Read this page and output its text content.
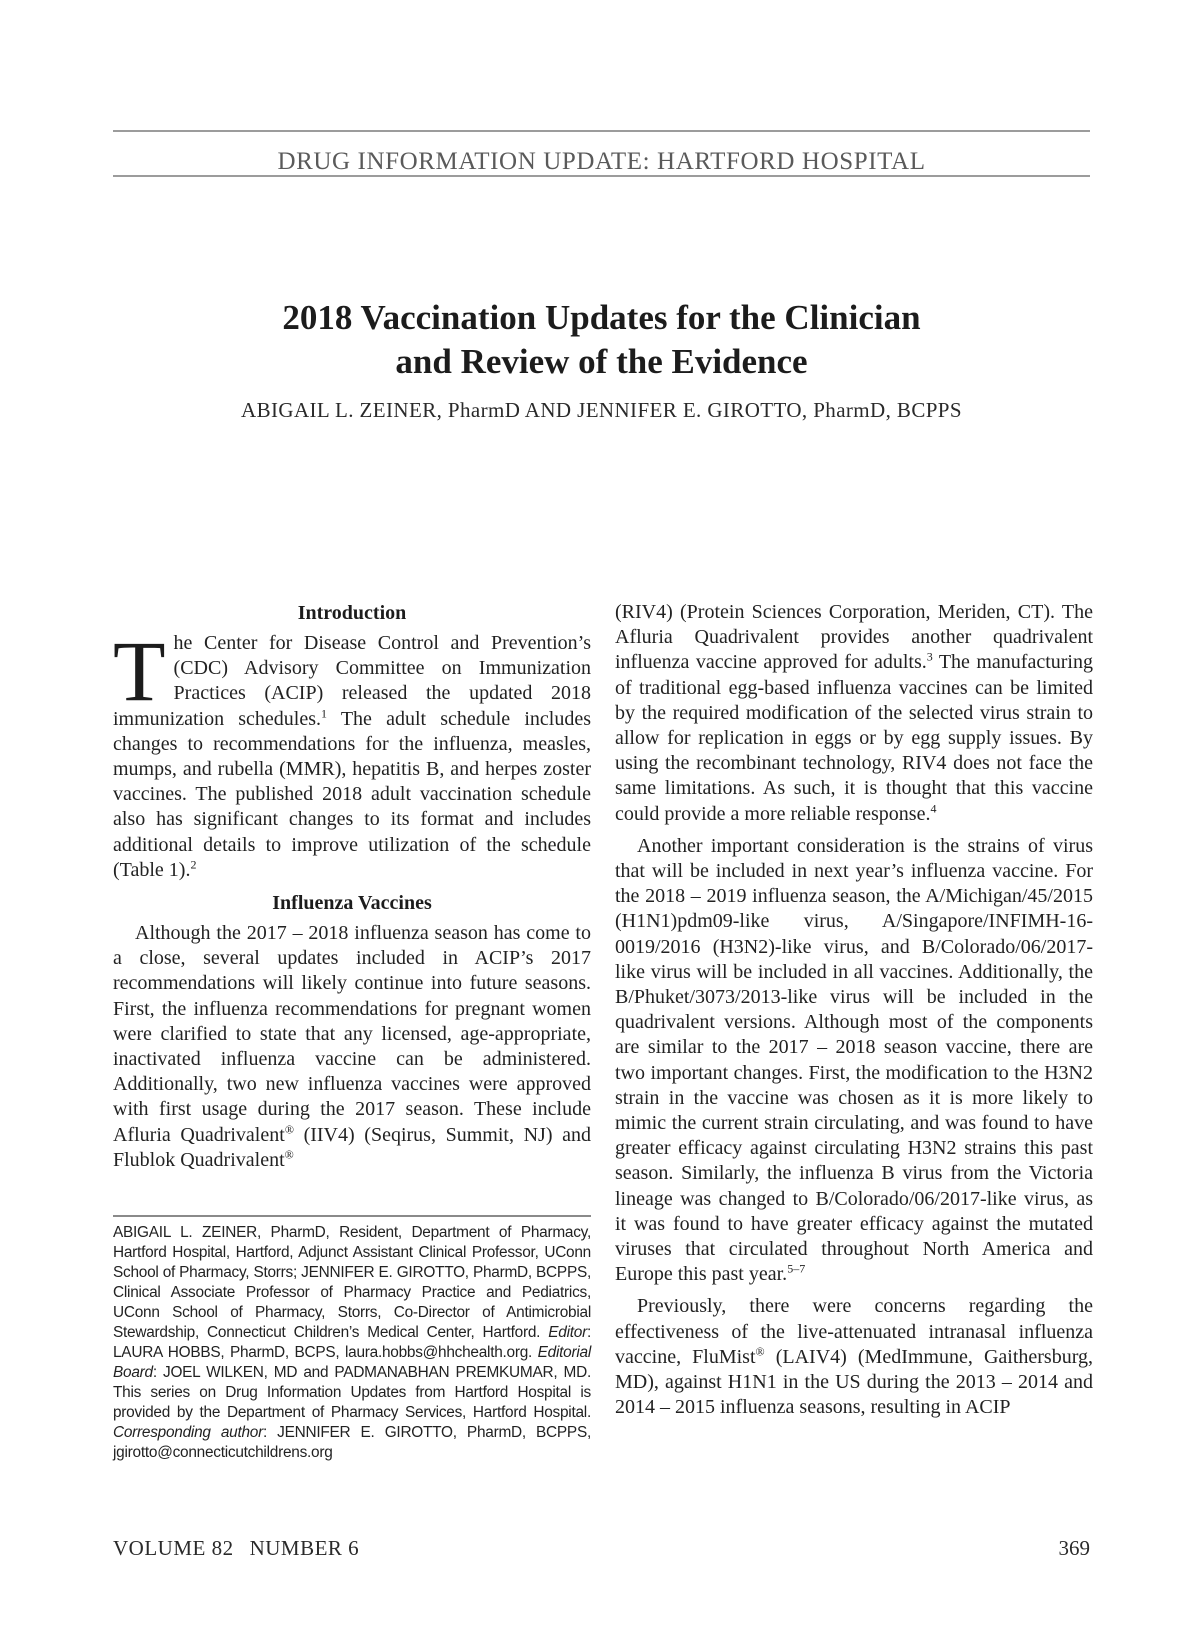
DRUG INFORMATION UPDATE: HARTFORD HOSPITAL
2018 Vaccination Updates for the Clinician
and Review of the Evidence
ABIGAIL L. ZEINER, PharmD AND JENNIFER E. GIROTTO, PharmD, BCPPS
Introduction

The Center for Disease Control and Prevention’s (CDC) Advisory Committee on Immunization Practices (ACIP) released the updated 2018 immunization schedules.$^1$ The adult schedule includes changes to recommendations for the influenza, measles, mumps, and rubella (MMR), hepatitis B, and herpes zoster vaccines. The published 2018 adult vaccination schedule also has significant changes to its format and includes additional details to improve utilization of the schedule (Table 1).$^2$

Influenza Vaccines

Although the 2017 – 2018 influenza season has come to a close, several updates included in ACIP’s 2017 recommendations will likely continue into future seasons. First, the influenza recommendations for pregnant women were clarified to state that any licensed, age-appropriate, inactivated influenza vaccine can be administered. Additionally, two new influenza vaccines were approved with first usage during the 2017 season. These include Afluria Quadrivalent® (IIV4) (Seqirus, Summit, NJ) and Flublok Quadrivalent®

ABIGAIL L. ZEINER, PharmD, Resident, Department of Pharmacy, Hartford Hospital, Hartford, Adjunct Assistant Clinical Professor, UConn School of Pharmacy, Storrs; JENNIFER E. GIROTTO, PharmD, BCPPS, Clinical Associate Professor of Pharmacy Practice and Pediatrics, UConn School of Pharmacy, Storrs, Co-Director of Antimicrobial Stewardship, Connecticut Children’s Medical Center, Hartford. Editor: LAURA HOBBS, PharmD, BCPS, laura.hobbs@hhchealth.org. Editorial Board: JOEL WILKEN, MD and PADMANABHAN PREMKUMAR, MD. This series on Drug Information Updates from Hartford Hospital is provided by the Department of Pharmacy Services, Hartford Hospital. Corresponding author: JENNIFER E. GIROTTO, PharmD, BCPPS, jgirotto@connecticutchildrens.org

(RIV4) (Protein Sciences Corporation, Meriden, CT). The Afluria Quadrivalent provides another quadrivalent influenza vaccine approved for adults.$^3$ The manufacturing of traditional egg-based influenza vaccines can be limited by the required modification of the selected virus strain to allow for replication in eggs or by egg supply issues. By using the recombinant technology, RIV4 does not face the same limitations. As such, it is thought that this vaccine could provide a more reliable response.$^4$

Another important consideration is the strains of virus that will be included in next year’s influenza vaccine. For the 2018 – 2019 influenza season, the A/Michigan/45/2015 (H1N1)pdm09-like virus, A/Singapore/INFIMH-16-0019/2016 (H3N2)-like virus, and B/Colorado/06/2017-like virus will be included in all vaccines. Additionally, the B/Phuket/3073/2013-like virus will be included in the quadrivalent versions. Although most of the components are similar to the 2017 – 2018 season vaccine, there are two important changes. First, the modification to the H3N2 strain in the vaccine was chosen as it is more likely to mimic the current strain circulating, and was found to have greater efficacy against circulating H3N2 strains this past season. Similarly, the influenza B virus from the Victoria lineage was changed to B/Colorado/06/2017-like virus, as it was found to have greater efficacy against the mutated viruses that circulated throughout North America and Europe this past year.$^{5-7}$

Previously, there were concerns regarding the effectiveness of the live-attenuated intranasal influenza vaccine, FluMist® (LAIV4) (MedImmune, Gaithersburg, MD), against H1N1 in the US during the 2013 – 2014 and 2014 – 2015 influenza seasons, resulting in ACIP

VOLUME 82 NUMBER 6	369
